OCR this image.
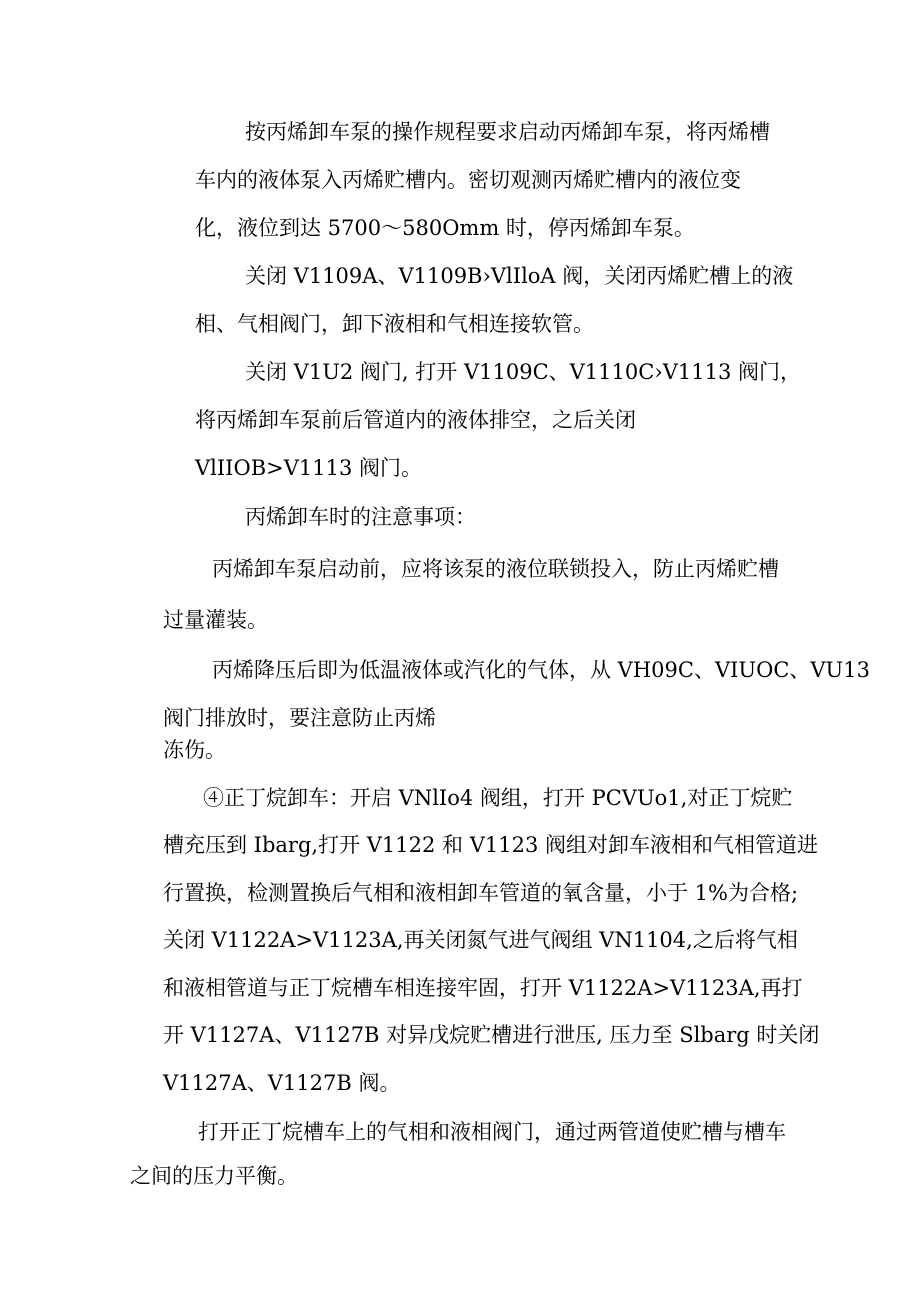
按丙烯卸车泵的操作规程要求启动丙烯卸车泵，将丙烯槽
车内的液体泵入丙烯贮槽内。密切观测丙烯贮槽内的液位变
化，液位到达 5700～580Omm 时，停丙烯卸车泵。
关闭 V1109A、V1109B›VlIloA 阀，关闭丙烯贮槽上的液
相、气相阀门，卸下液相和气相连接软管。
关闭 V1U2 阀门, 打开 V1109C、V1110C›V1113 阀门，
将丙烯卸车泵前后管道内的液体排空，之后关闭
VlIIOB>V1113 阀门。
丙烯卸车时的注意事项：
丙烯卸车泵启动前，应将该泵的液位联锁投入，防止丙烯贮槽
过量灌装。
丙烯降压后即为低温液体或汽化的气体，从 VH09C、VIUOC、VU13
阀门排放时，要注意防止丙烯
冻伤。
④正丁烷卸车：开启 VNlIo4 阀组，打开 PCVUo1,对正丁烷贮
槽充压到 Ibarg,打开 V1122 和 V1123 阀组对卸车液相和气相管道进
行置换，检测置换后气相和液相卸车管道的氧含量，小于 1%为合格;
关闭 V1122A>V1123A,再关闭氮气进气阀组 VN1104,之后将气相
和液相管道与正丁烷槽车相连接牢固，打开 V1122A>V1123A,再打
开 V1127A、V1127B 对异戊烷贮槽进行泄压, 压力至 Slbarg 时关闭
V1127A、V1127B 阀。
打开正丁烷槽车上的气相和液相阀门，通过两管道使贮槽与槽车
之间的压力平衡。
